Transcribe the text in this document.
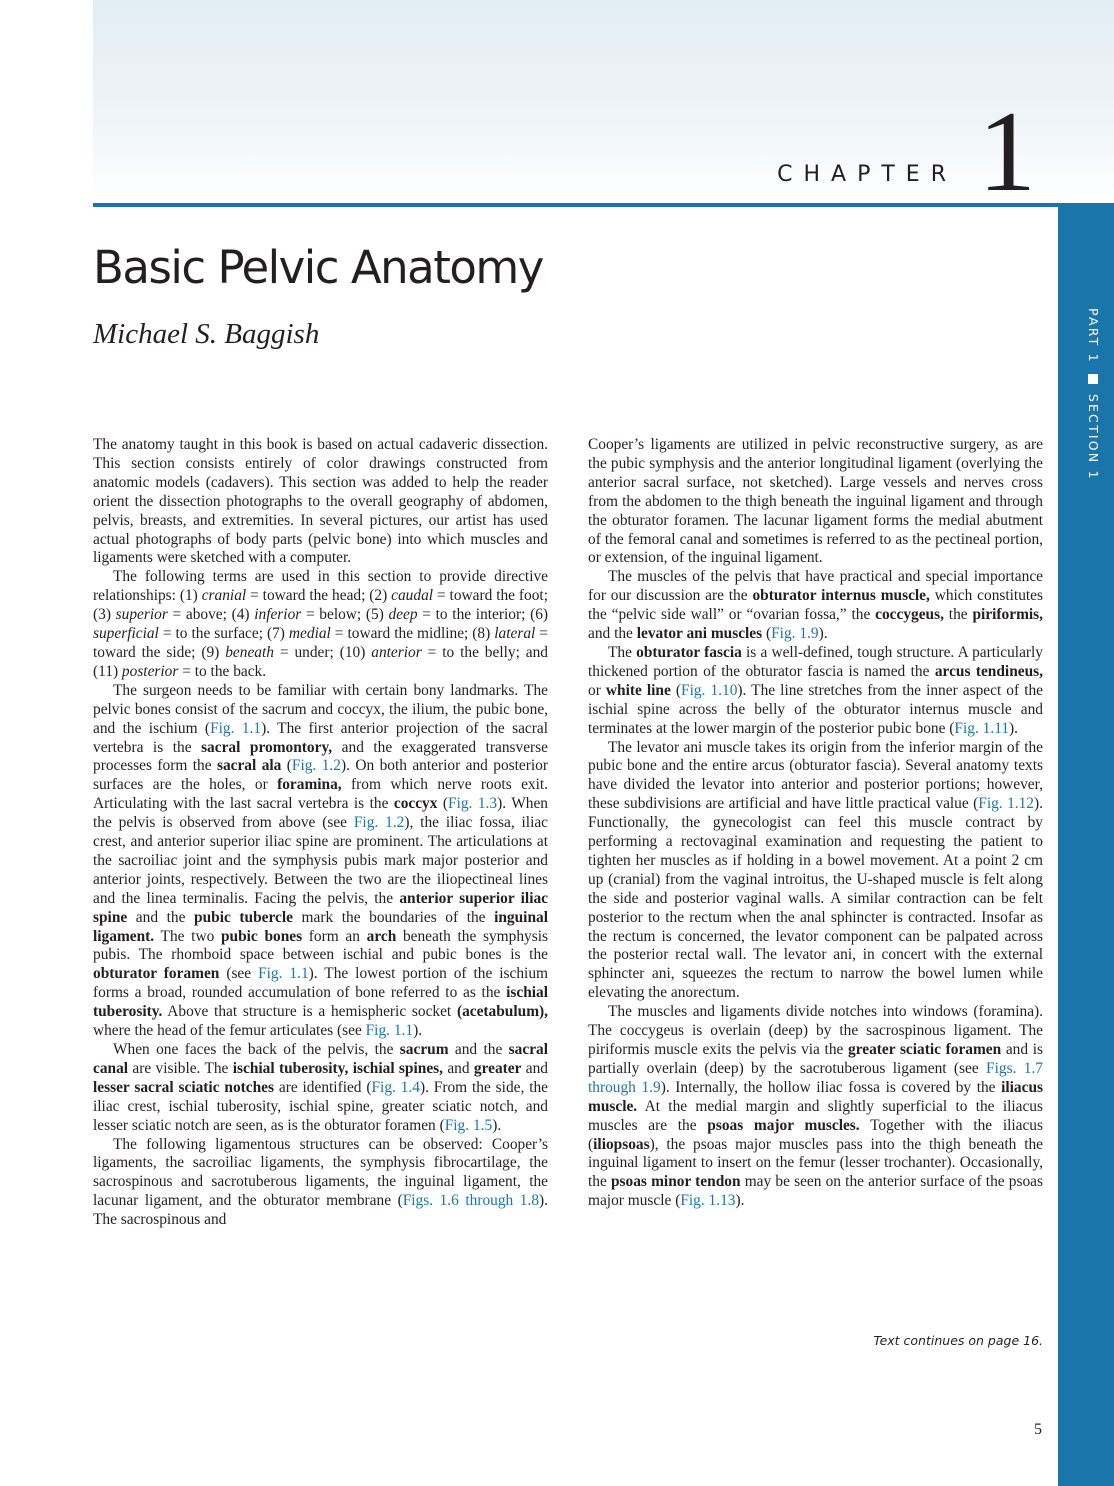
CHAPTER 1
PART 1SECTION 1
Basic Pelvic Anatomy
Michael S. Baggish

The anatomy taught in this book is based on actual cadaveric dissection. This section consists entirely of color drawings constructed from anatomic models (cadavers). This section was added to help the reader orient the dissection photographs to the overall geography of abdomen, pelvis, breasts, and extremities. In several pictures, our artist has used actual photographs of body parts (pelvic bone) into which muscles and ligaments were sketched with a computer.

The following terms are used in this section to provide directive relationships: (1) cranial = toward the head; (2) caudal = toward the foot; (3) superior = above; (4) inferior = below; (5) deep = to the interior; (6) superficial = to the surface; (7) medial = toward the midline; (8) lateral = toward the side; (9) beneath = under; (10) anterior = to the belly; and (11) posterior = to the back.

The surgeon needs to be familiar with certain bony landmarks. The pelvic bones consist of the sacrum and coccyx, the ilium, the pubic bone, and the ischium (Fig. 1.1). The first anterior projection of the sacral vertebra is the sacral promontory, and the exaggerated transverse processes form the sacral ala (Fig. 1.2). On both anterior and posterior surfaces are the holes, or foramina, from which nerve roots exit. Articulating with the last sacral vertebra is the coccyx (Fig. 1.3). When the pelvis is observed from above (see Fig. 1.2), the iliac fossa, iliac crest, and anterior superior iliac spine are prominent. The articulations at the sacroiliac joint and the symphysis pubis mark major posterior and anterior joints, respectively. Between the two are the iliopectineal lines and the linea terminalis. Facing the pelvis, the anterior superior iliac spine and the pubic tubercle mark the boundaries of the inguinal ligament. The two pubic bones form an arch beneath the symphysis pubis. The rhomboid space between ischial and pubic bones is the obturator foramen (see Fig. 1.1). The lowest portion of the ischium forms a broad, rounded accumulation of bone referred to as the ischial tuberosity. Above that structure is a hemispheric socket (acetabulum), where the head of the femur articulates (see Fig. 1.1).

When one faces the back of the pelvis, the sacrum and the sacral canal are visible. The ischial tuberosity, ischial spines, and greater and lesser sacral sciatic notches are identified (Fig. 1.4). From the side, the iliac crest, ischial tuberosity, ischial spine, greater sciatic notch, and lesser sciatic notch are seen, as is the obturator foramen (Fig. 1.5).

The following ligamentous structures can be observed: Cooper’s ligaments, the sacroiliac ligaments, the symphysis fibrocartilage, the sacrospinous and sacrotuberous ligaments, the inguinal ligament, the lacunar ligament, and the obturator membrane (Figs. 1.6 through 1.8). The sacrospinous and

Cooper’s ligaments are utilized in pelvic reconstructive surgery, as are the pubic symphysis and the anterior longitudinal ligament (overlying the anterior sacral surface, not sketched). Large vessels and nerves cross from the abdomen to the thigh beneath the inguinal ligament and through the obturator foramen. The lacunar ligament forms the medial abutment of the femoral canal and sometimes is referred to as the pectineal portion, or extension, of the inguinal ligament.

The muscles of the pelvis that have practical and special importance for our discussion are the obturator internus muscle, which constitutes the “pelvic side wall” or “ovarian fossa,” the coccygeus, the piriformis, and the levator ani muscles (Fig. 1.9).

The obturator fascia is a well-defined, tough structure. A particularly thickened portion of the obturator fascia is named the arcus tendineus, or white line (Fig. 1.10). The line stretches from the inner aspect of the ischial spine across the belly of the obturator internus muscle and terminates at the lower margin of the posterior pubic bone (Fig. 1.11).

The levator ani muscle takes its origin from the inferior margin of the pubic bone and the entire arcus (obturator fascia). Several anatomy texts have divided the levator into anterior and posterior portions; however, these subdivisions are artificial and have little practical value (Fig. 1.12). Functionally, the gynecologist can feel this muscle contract by performing a rectovaginal examination and requesting the patient to tighten her muscles as if holding in a bowel movement. At a point 2 cm up (cranial) from the vaginal introitus, the U-shaped muscle is felt along the side and posterior vaginal walls. A similar contraction can be felt posterior to the rectum when the anal sphincter is contracted. Insofar as the rectum is concerned, the levator component can be palpated across the posterior rectal wall. The levator ani, in concert with the external sphincter ani, squeezes the rectum to narrow the bowel lumen while elevating the anorectum.

The muscles and ligaments divide notches into windows (foramina). The coccygeus is overlain (deep) by the sacrospinous ligament. The piriformis muscle exits the pelvis via the greater sciatic foramen and is partially overlain (deep) by the sacrotuberous ligament (see Figs. 1.7 through 1.9). Internally, the hollow iliac fossa is covered by the iliacus muscle. At the medial margin and slightly superficial to the iliacus muscles are the psoas major muscles. Together with the iliacus (iliopsoas), the psoas major muscles pass into the thigh beneath the inguinal ligament to insert on the femur (lesser trochanter). Occasionally, the psoas minor tendon may be seen on the anterior surface of the psoas major muscle (Fig. 1.13).

Text continues on page 16.
5
